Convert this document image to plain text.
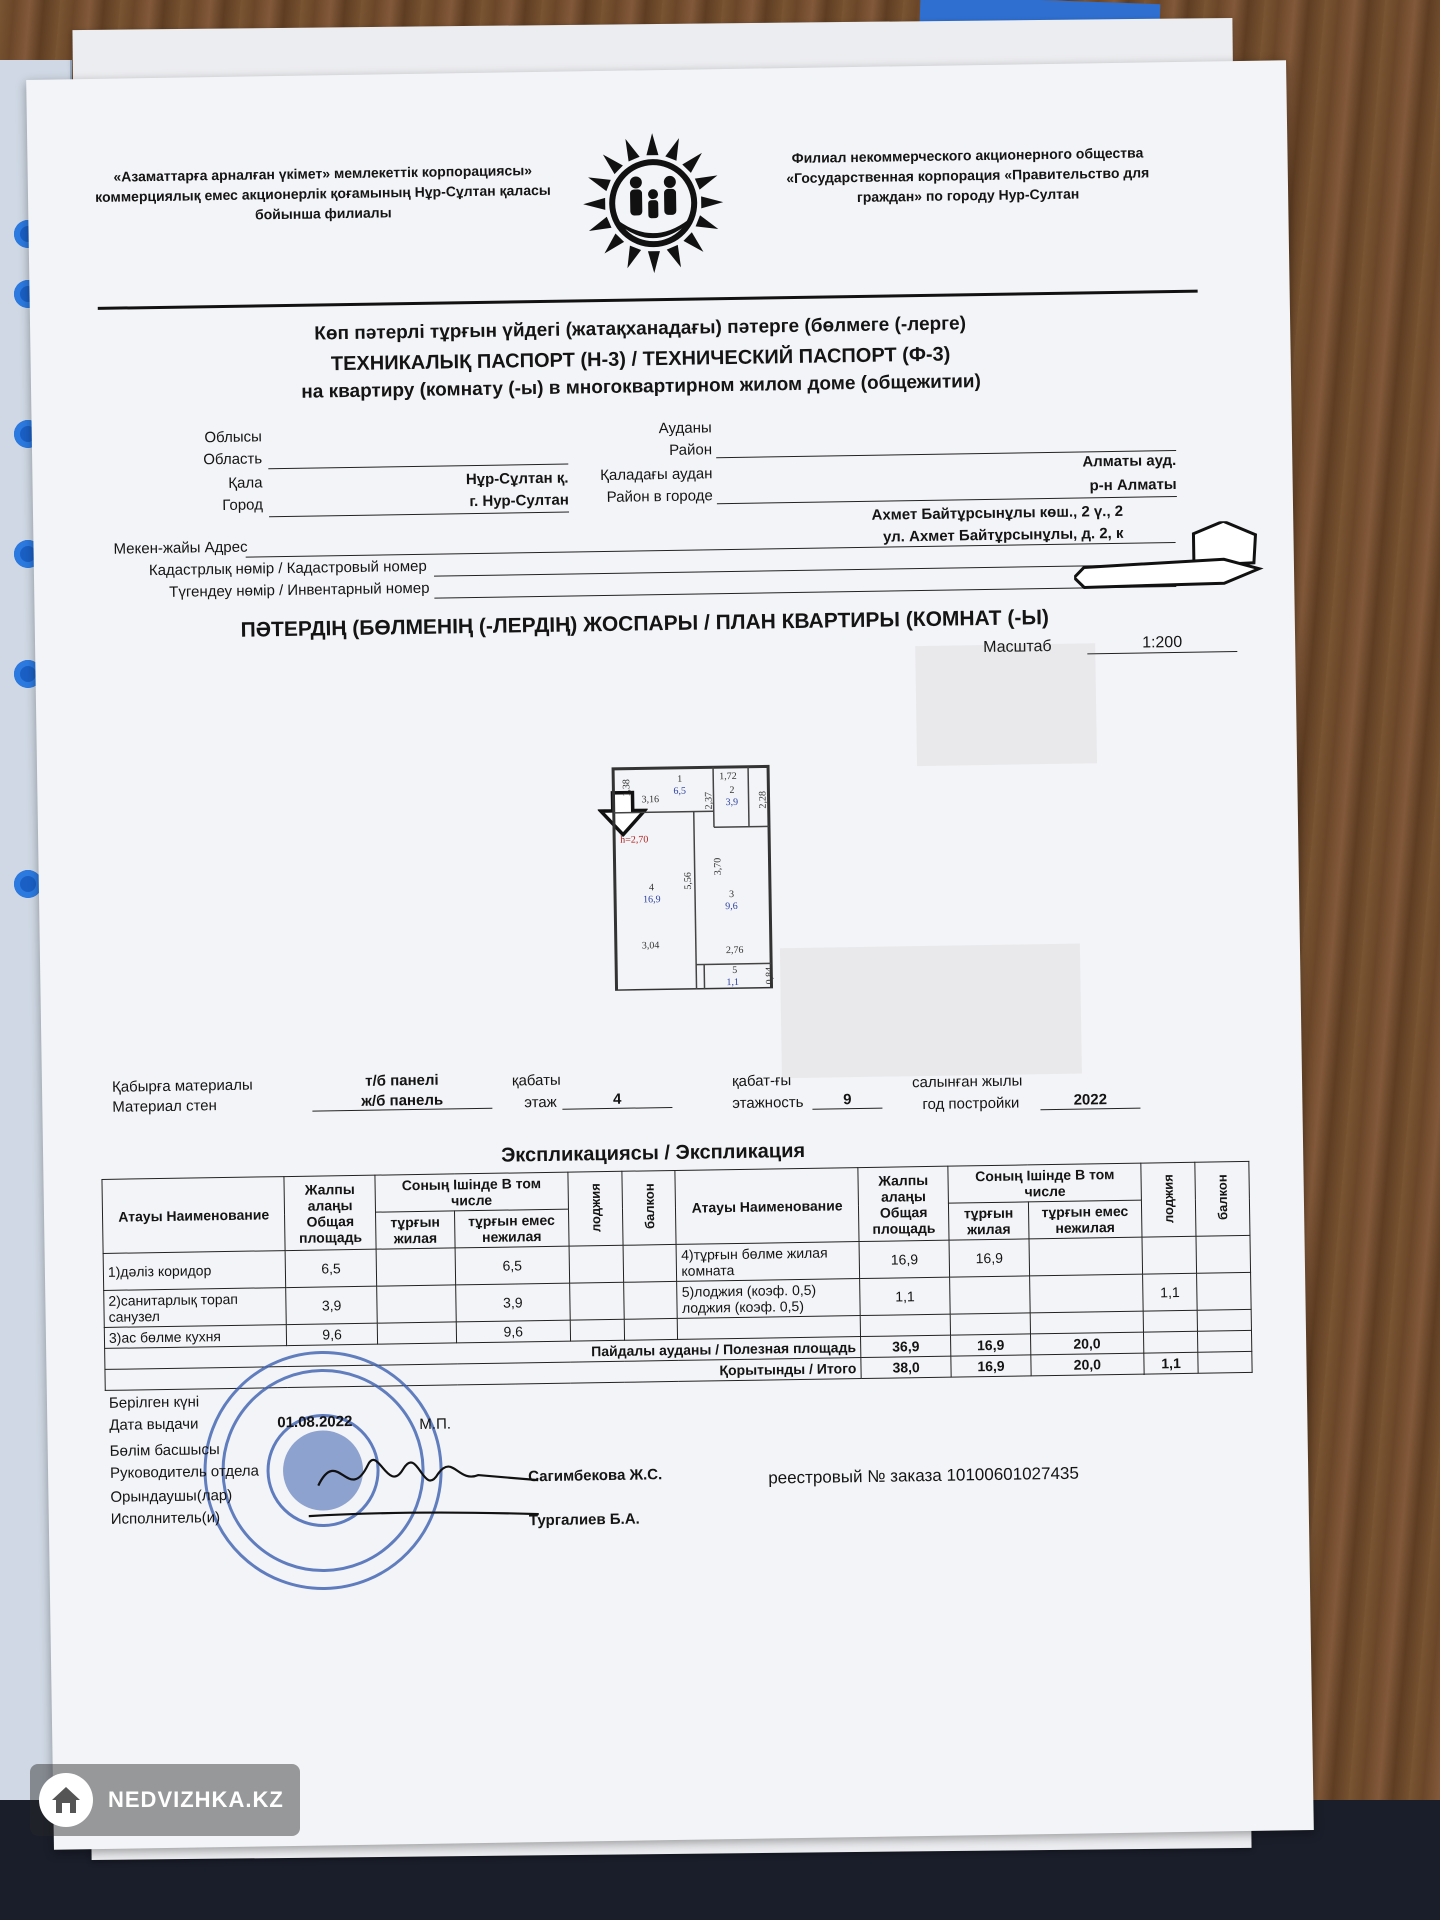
«Азаматтарға арналған үкімет» мемлекеттік корпорациясы» коммерциялық емес акционерлік қоғамының Нұр-Сұлтан қаласы бойынша филиалы
Филиал некоммерческого акционерного общества «Государственная корпорация «Правительство для граждан» по городу Нур-Султан
Көп пәтерлі тұрғын үйдегі (жатақханадағы) пәтерге (бөлмеге (-лерге)
ТЕХНИКАЛЫҚ ПАСПОРТ (Н-3) / ТЕХНИЧЕСКИЙ ПАСПОРТ (Ф-3)
на квартиру (комнату (-ы) в многоквартирном жилом доме (общежитии)
Облысы
Область
Қала	Нұр-Сұлтан қ.
Город	г. Нур-Султан
Ауданы
Район
Қаладағы аудан
Алматы ауд.
Район в городе
р-н Алматы
Ахмет Байтұрсынұлы көш., 2 ү., 2
Мекен-жайы Адрес
ул. Ахмет Байтұрсынұлы, д. 2, к
Кадастрлық нөмір / Кадастровый номер
Түгендеу нөмір / Инвентарный номер
ПӘТЕРДІҢ (БӨЛМЕНІҢ (-ЛЕРДІҢ) ЖОСПАРЫ / ПЛАН КВАРТИРЫ (КОМНАТ (-Ы)
Масштаб	1:200
1
6,5
3,16
1,38
2,37
1,72
2
3,9 2,28
h=2,70
4
16,9
5,56
3,70
3
9,6
3,04	2,76
5
1,1	0,84
Қабырға материалы
Материал стен
т/б панелі
ж/б панель
қабаты
этаж	4
қабат-ғы
этажность	9
салынған жылы
год постройки	2022
Экспликациясы / Экспликация
Атауы Наименование	Жалпы алаңы Общая площадь	Соның Ішінде В том числе		лоджия	балкон	Атауы Наименование	Жалпы алаңы Общая площадь	Соның Ішінде В том числе		лоджия	балкон
		тұрғын жилая	тұрғын емес нежилая					тұрғын жилая	тұрғын емес нежилая		
1)дәліз коридор	6,5		6,5			4)тұрғын бөлме жилая комната	16,9	16,9			
2)санитарлық торап санузел	3,9		3,9			5)лоджия (коэф. 0,5) лоджия (коэф. 0,5)	1,1			1,1	
3)ас бөлме кухня	9,6		9,6								
Пайдалы ауданы / Полезная площадь							36,9	16,9	20,0		
Қорытынды / Итого							38,0	16,9	20,0	1,1	
Берілген күні
Дата выдачи	01.08.2022	М.П.
Бөлім басшысы
Руководитель отдела	Сагимбекова Ж.С.
Орындаушы(лар)
Исполнитель(и)	Тургалиев Б.А.
реестровый № заказа 10100601027435
NEDVIZHKA.KZ
